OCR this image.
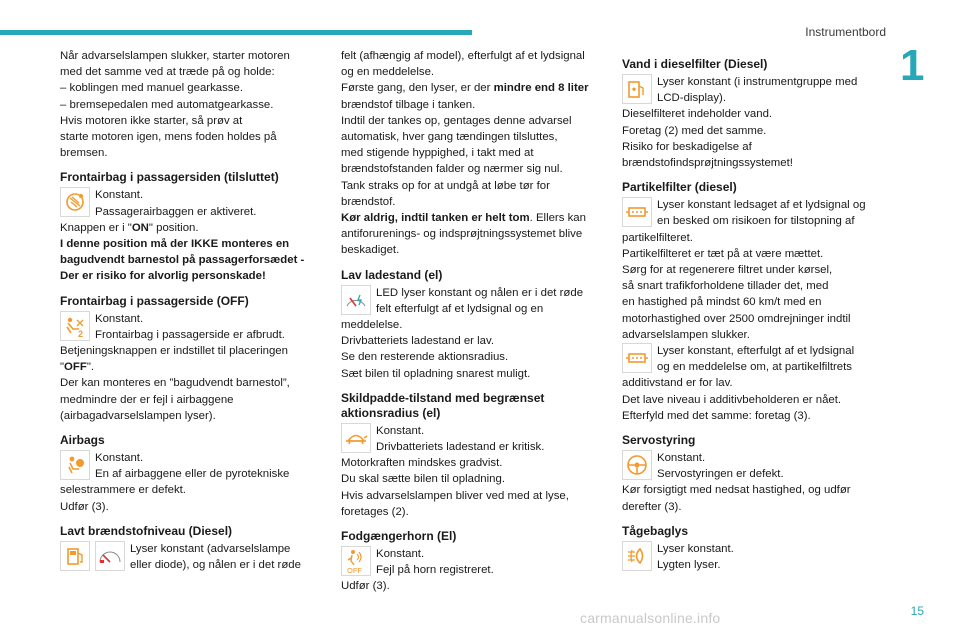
Instrumentbord
1

Når advarselslampen slukker, starter motoren
med det samme ved at træde på og holde:
– koblingen med manuel gearkasse.
– bremsepedalen med automatgearkasse.
Hvis motoren ikke starter, så prøv at
starte motoren igen, mens foden holdes på
bremsen.

Frontairbag i passagersiden (tilsluttet)
Konstant.
Passagerairbaggen er aktiveret.

Knappen er i "ON" position.

I denne position må der IKKE monteres en
bagudvendt barnestol på passagerforsædet -
Der er risiko for alvorlig personskade!

Frontairbag i passagerside (OFF)
2
Konstant.
Frontairbag i passagerside er afbrudt.

Betjeningsknappen er indstillet til placeringen
"OFF".
Der kan monteres en ”bagudvendt barnestol”,
medmindre der er fejl i airbaggene
(airbagadvarselslampen lyser).

Airbags
Konstant.
En af airbaggene eller de pyrotekniske

selestrammere er defekt.
Udfør (3).

Lavt brændstofniveau (Diesel)
Lyser konstant (advarselslampe
eller diode), og nålen er i det røde

felt (afhængig af model), efterfulgt af et lydsignal
og en meddelelse.
Første gang, den lyser, er der mindre end 8 liter
brændstof tilbage i tanken.
Indtil der tankes op, gentages denne advarsel
automatisk, hver gang tændingen tilsluttes,
med stigende hyppighed, i takt med at
brændstofstanden falder og nærmer sig nul.
Tank straks op for at undgå at løbe tør for
brændstof.
Kør aldrig, indtil tanken er helt tom. Ellers kan
antiforurenings- og indsprøjtningssystemet blive
beskadiget.

Lav ladestand (el)
LED lyser konstant og nålen er i det røde
felt efterfulgt af et lydsignal og en

meddelelse.
Drivbatteriets ladestand er lav.
Se den resterende aktionsradius.
Sæt bilen til opladning snarest muligt.

Skildpadde-tilstand med begrænset
aktionsradius (el)
Konstant.
Drivbatteriets ladestand er kritisk.

Motorkraften mindskes gradvist.
Du skal sætte bilen til opladning.
Hvis advarselslampen bliver ved med at lyse,
foretages (2).

Fodgængerhorn (El)
OFF
Konstant.
Fejl på horn registreret.

Udfør (3).

Vand i dieselfilter (Diesel)
Lyser konstant (i instrumentgruppe med
LCD-display).

Dieselfilteret indeholder vand.
Foretag (2) med det samme.
Risiko for beskadigelse af
brændstofindsprøjtningssystemet!

Partikelfilter (diesel)
Lyser konstant ledsaget af et lydsignal og
en besked om risikoen for tilstopning af

partikelfilteret.
Partikelfilteret er tæt på at være mættet.
Sørg for at regenerere filtret under kørsel,
så snart trafikforholdene tillader det, med
en hastighed på mindst 60 km/t med en
motorhastighed over 2500 omdrejninger indtil
advarselslampen slukker.

Lyser konstant, efterfulgt af et lydsignal
og en meddelelse om, at partikelfiltrets

additivstand er for lav.
Det lave niveau i additivbeholderen er nået.
Efterfyld med det samme: foretag (3).

Servostyring
Konstant.
Servostyringen er defekt.

Kør forsigtigt med nedsat hastighed, og udfør
derefter (3).

Tågebaglys
Lyser konstant.
Lygten lyser.
carmanualsonline.info	15
